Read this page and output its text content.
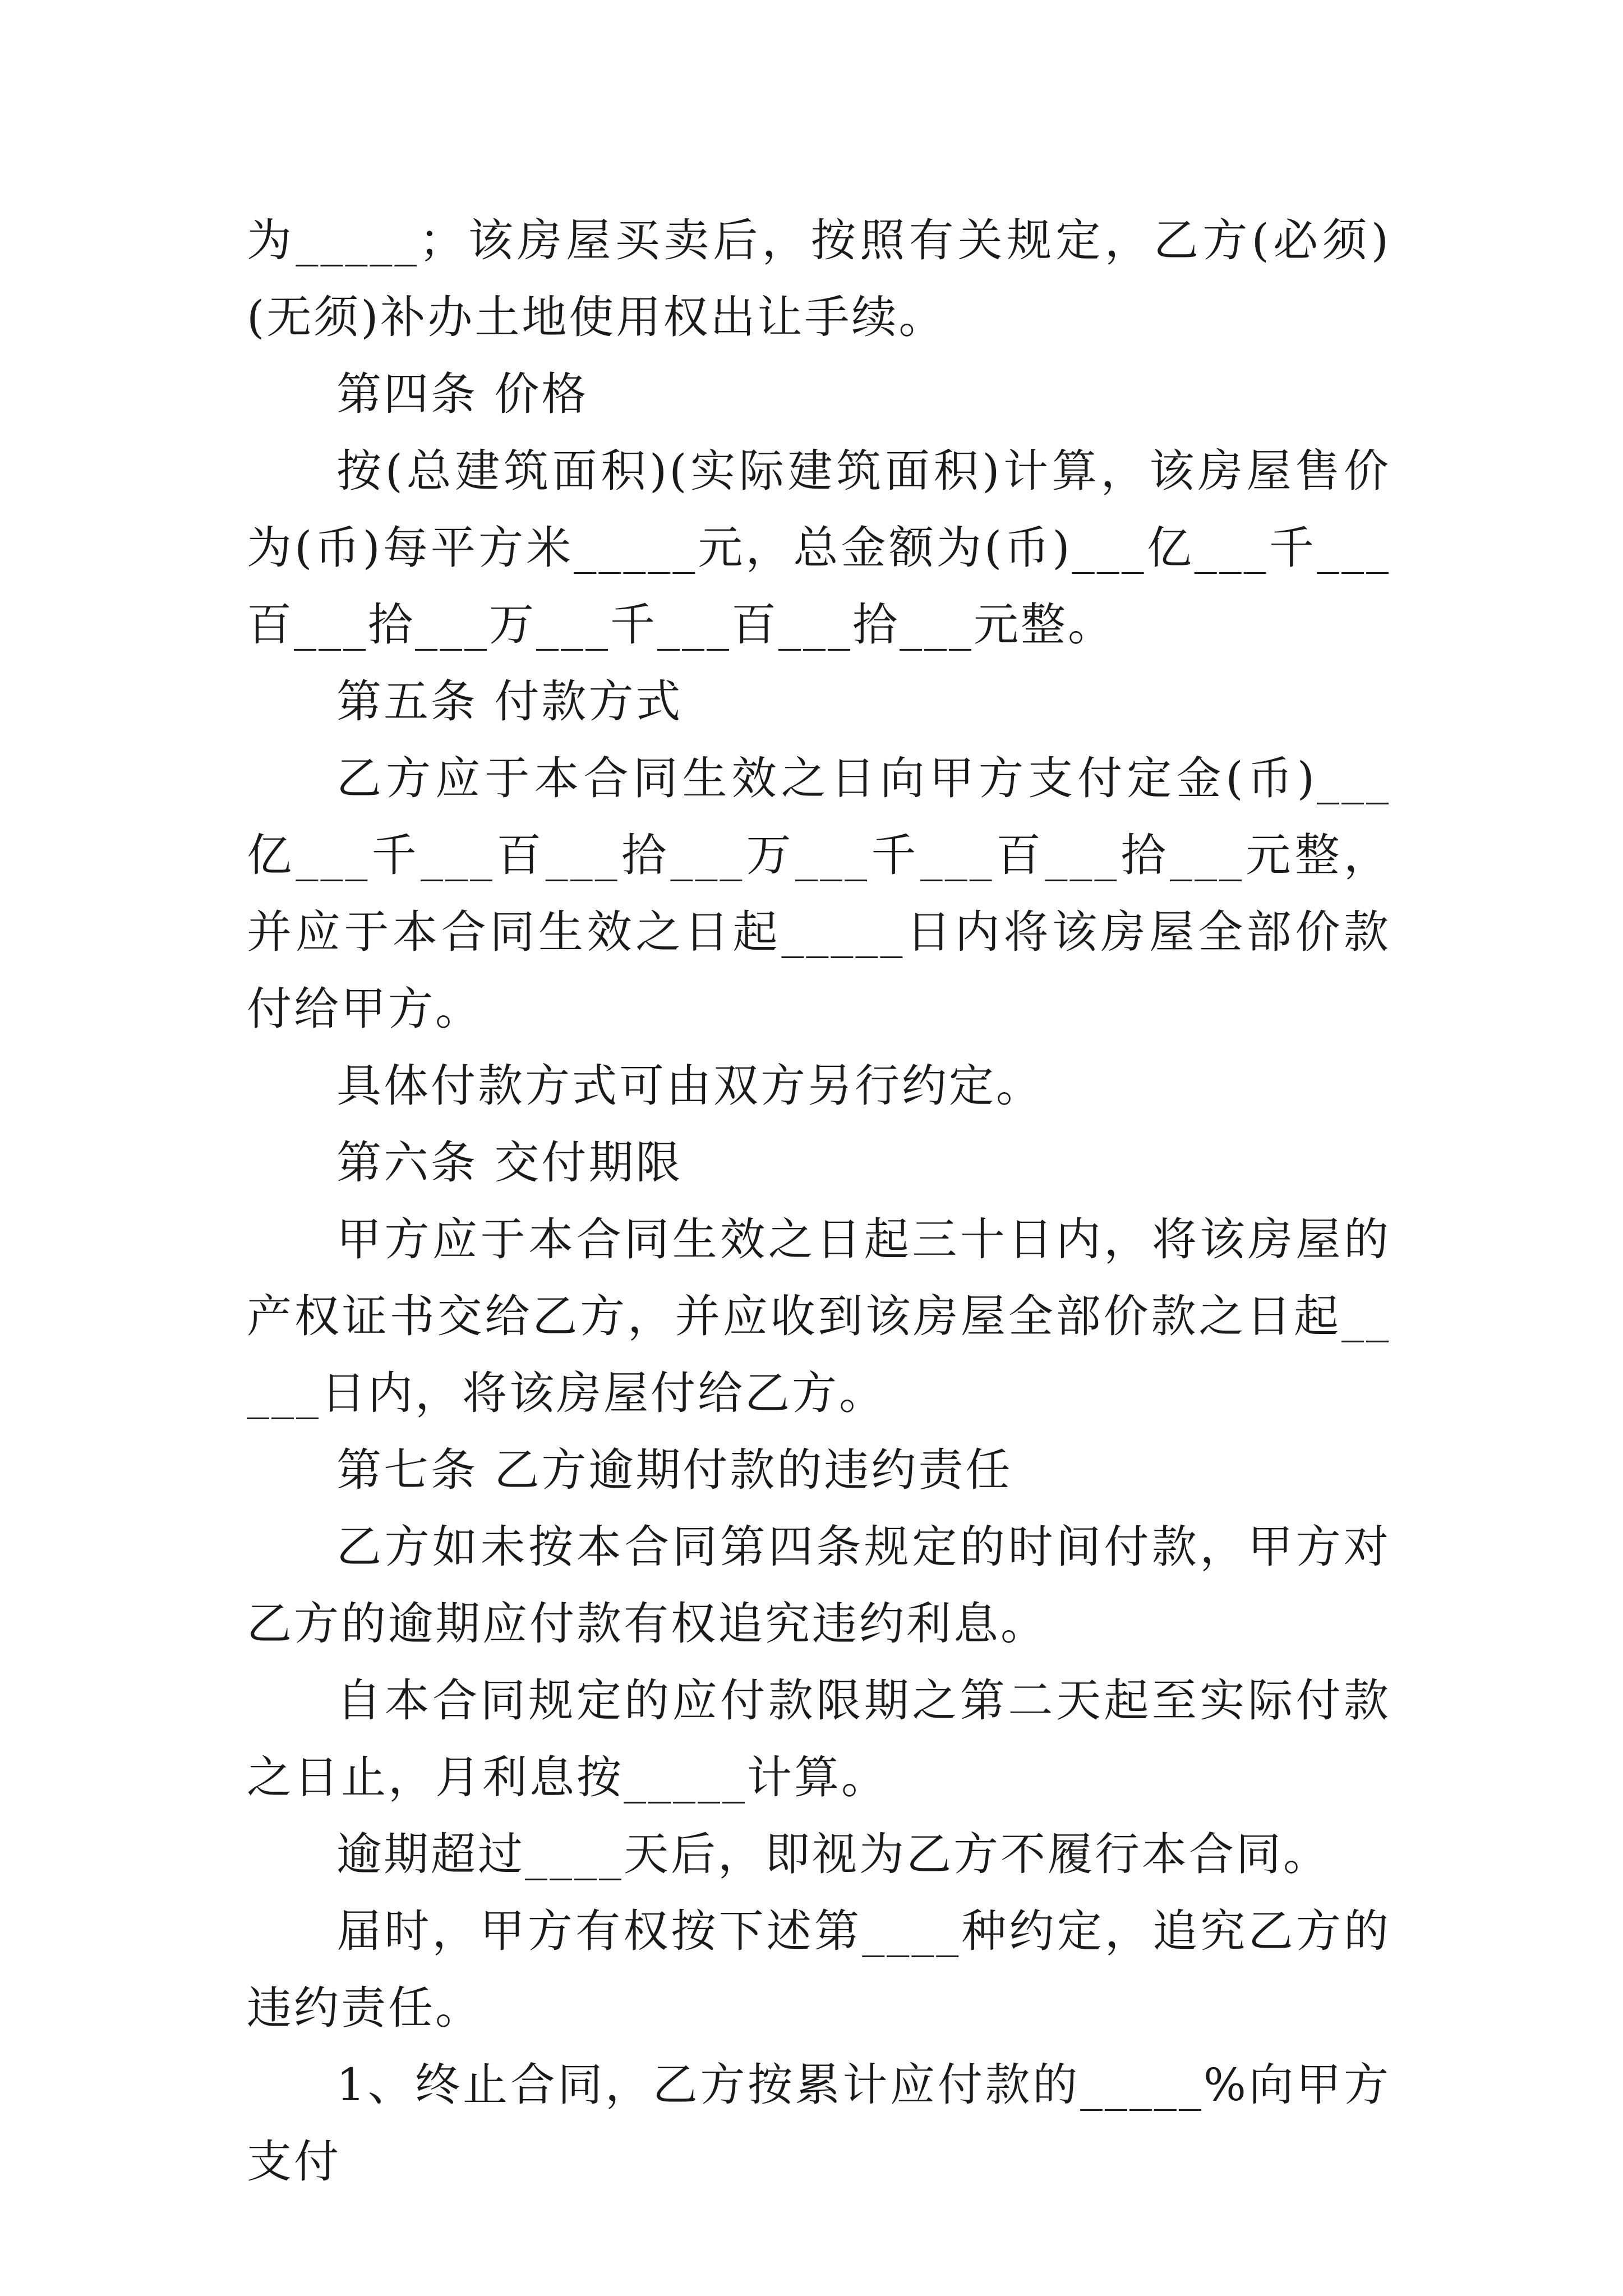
为_____；该房屋买卖后，按照有关规定，乙方(必须)(无须)补办土地使用权出让手续。

第四条 价格

按(总建筑面积)(实际建筑面积)计算，该房屋售价为(币)每平方米_____元，总金额为(币)___亿___千___百___拾___万___千___百___拾___元整。

第五条 付款方式

乙方应于本合同生效之日向甲方支付定金(币)___亿___千___百___拾___万___千___百___拾___元整，并应于本合同生效之日起_____日内将该房屋全部价款付给甲方。

具体付款方式可由双方另行约定。

第六条 交付期限

甲方应于本合同生效之日起三十日内，将该房屋的产权证书交给乙方，并应收到该房屋全部价款之日起_____日内，将该房屋付给乙方。

第七条 乙方逾期付款的违约责任

乙方如未按本合同第四条规定的时间付款，甲方对乙方的逾期应付款有权追究违约利息。

自本合同规定的应付款限期之第二天起至实际付款之日止，月利息按_____计算。

逾期超过____天后，即视为乙方不履行本合同。

届时，甲方有权按下述第____种约定，追究乙方的违约责任。

1、终止合同，乙方按累计应付款的_____%向甲方支付
